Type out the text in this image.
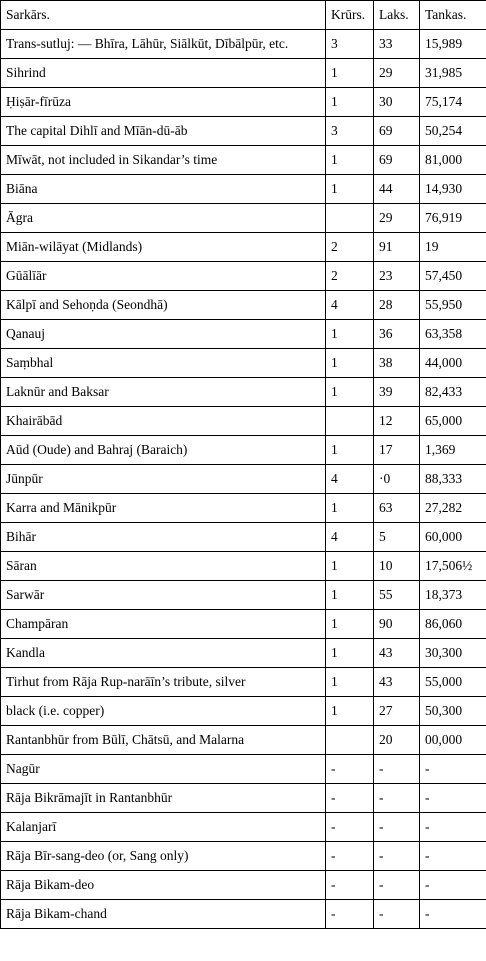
Sarkārs.	Krūrs.	Laks.	Tankas.
Trans-sutluj: — Bhīra, Lāhūr, Siālkūt, Dībālpūr, etc.	3	33	15,989
Sihrind	1	29	31,985
Ḥiṣār-fīrūza	1	30	75,174
The capital Dihlī and Mīān-dū-āb	3	69	50,254
Mīwāt, not included in Sikandar’s time	1	69	81,000
Biāna	1	44	14,930
Āgra		29	76,919
Miān-wilāyat (Midlands)	2	91	19
Gūālīār	2	23	57,450
Kālpī and Sehoṇda (Seondhā)	4	28	55,950
Qanauj	1	36	63,358
Saṃbhal	1	38	44,000
Laknūr and Baksar	1	39	82,433
Khairābād		12	65,000
Aūd (Oude) and Bahraj (Baraich)	1	17	1,369
Jūnpūr	4	·0	88,333
Karra and Mānikpūr	1	63	27,282
Bihār	4	5	60,000
Sāran	1	10	17,506½
Sarwār	1	55	18,373
Champāran	1	90	86,060
Kandla	1	43	30,300
Tirhut from Rāja Rup-narāīn’s tribute, silver	1	43	55,000
black (i.e. copper)	1	27	50,300
Rantanbhūr from Būlī, Chātsū, and Malarna		20	00,000
Nagūr	-	-	-
Rāja Bikrāmajīt in Rantanbhūr	-	-	-
Kalanjarī	-	-	-
Rāja Bīr-sang-deo (or, Sang only)	-	-	-
Rāja Bikam-deo	-	-	-
Rāja Bikam-chand	-	-	-
